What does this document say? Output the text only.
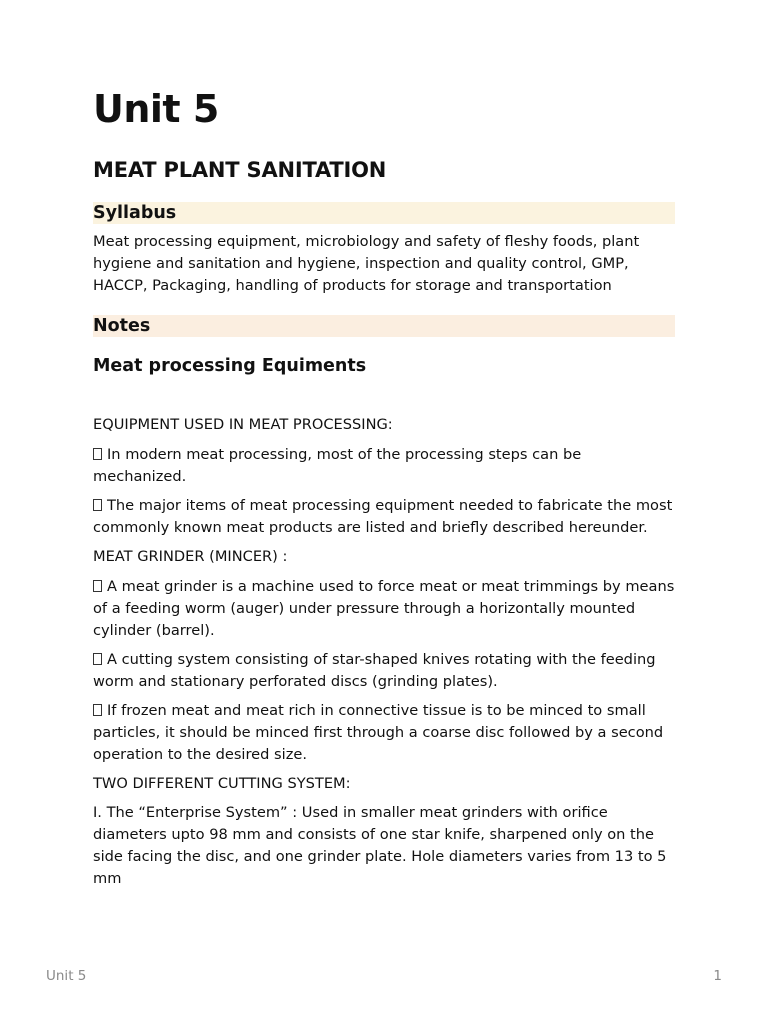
Unit 5
MEAT PLANT SANITATION
Syllabus

Meat processing equipment, microbiology and safety of fleshy foods, plant hygiene and sanitation and hygiene, inspection and quality control, GMP, HACCP, Packaging, handling of products for storage and transportation

Notes
Meat processing Equiments

EQUIPMENT USED IN MEAT PROCESSING:

In modern meat processing, most of the processing steps can be mechanized.

The major items of meat processing equipment needed to fabricate the most commonly known meat products are listed and briefly described hereunder.

MEAT GRINDER (MINCER) :

A meat grinder is a machine used to force meat or meat trimmings by means of a feeding worm (auger) under pressure through a horizontally mounted cylinder (barrel).

A cutting system consisting of star-shaped knives rotating with the feeding worm and stationary perforated discs (grinding plates).

If frozen meat and meat rich in connective tissue is to be minced to small particles, it should be minced first through a coarse disc followed by a second operation to the desired size.

TWO DIFFERENT CUTTING SYSTEM:

I. The “Enterprise System” : Used in smaller meat grinders with orifice diameters upto 98 mm and consists of one star knife, sharpened only on the side facing the disc, and one grinder plate. Hole diameters varies from 13 to 5 mm

Unit 5	1
